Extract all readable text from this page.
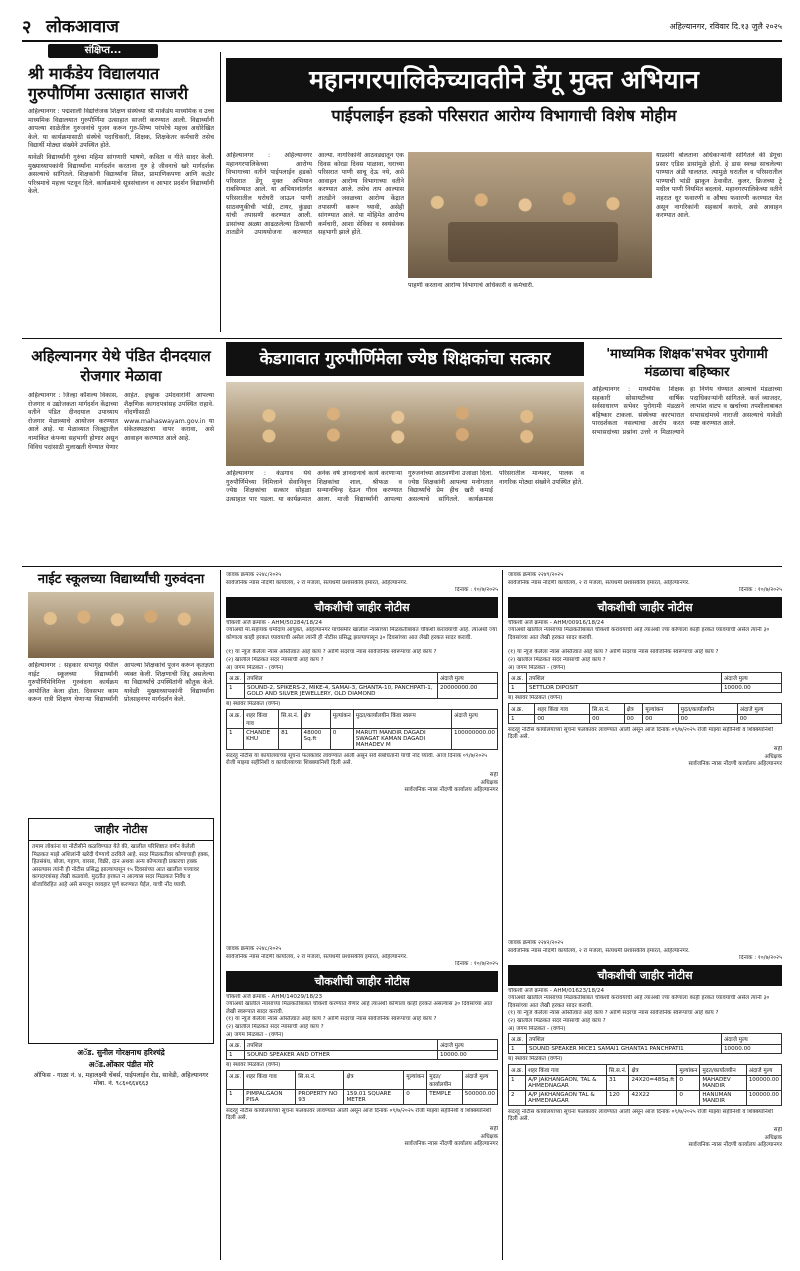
२ लोकआवाज	अहिल्यानगर, रविवार दि.१३ जुलै २०२५
संक्षिप्त...
श्री मार्कंडेय विद्यालयात गुरुपौर्णिमा उत्साहात साजरी

अहिल्यानगर : पद्मशाली विद्योत्तेजक शिक्षण संस्थेच्या श्री मार्कंडेय माध्यमिक व उच्च माध्यमिक विद्यालयात गुरुपौर्णिमा उत्साहात साजरी करण्यात आली. विद्यार्थ्यांनी आपल्या शाळेतील गुरुजनांचे पूजन करून गुरु-शिष्य परंपरेचे महत्त्व अधोरेखित केले. या कार्यक्रमासाठी संस्थेचे पदाधिकारी, शिक्षक, शिक्षकेतर कर्मचारी तसेच विद्यार्थी मोठ्या संख्येने उपस्थित होते.

यावेळी विद्यार्थ्यांनी गुरुंचा महिमा सांगणारी भाषणे, कविता व गीते सादर केली. मुख्याध्यापकांनी विद्यार्थ्यांना मार्गदर्शन करताना गुरु हे जीवनाचे खरे मार्गदर्शक असल्याचे सांगितले. शिक्षकांनी विद्यार्थ्यांना शिस्त, प्रामाणिकपणा आणि कठोर परिश्रमाचे महत्त्व पटवून दिले. कार्यक्रमाचे सूत्रसंचालन व आभार प्रदर्शन विद्यार्थ्यांनी केले.

महानगरपालिकेच्यावतीने डेंगू मुक्त अभियान
पाईपलाईन हडको परिसरात आरोग्य विभागाची विशेष मोहीम
अहिल्यानगर : अहिल्यानगर महानगरपालिकेच्या आरोग्य विभागाच्या वतीने पाईपलाईन हडको परिसरात डेंगू मुक्त अभियान राबविण्यात आले. या अभियानांतर्गत परिसरातील घरोघरी जाऊन पाणी साठवणुकीची भांडी, टायर, कुंड्या यांची तपासणी करण्यात आली. डासांच्या अळ्या आढळलेल्या ठिकाणी तातडीने उपाययोजना करण्यात आल्या. नागरिकांनी आठवड्यातून एक दिवस कोरडा दिवस पाळावा, घराच्या परिसरात पाणी साचू देऊ नये, असे आवाहन आरोग्य विभागाच्या वतीने करण्यात आले. तसेच ताप आल्यास तातडीने जवळच्या आरोग्य केंद्रात तपासणी करून घ्यावी, असेही सांगण्यात आले. या मोहिमेत आरोग्य कर्मचारी, आशा सेविका व स्वयंसेवक सहभागी झाले होते.
पाहणी करताना आरोग्य विभागाचे अधिकारी व कर्मचारी.
याप्रसंगी बोलताना अधिकाऱ्यांनी सांगितले की डेंगूचा प्रसार एडिस डासांमुळे होतो. हे डास स्वच्छ साचलेल्या पाण्यात अंडी घालतात. त्यामुळे घरातील व परिसरातील पाण्याची भांडी झाकून ठेवावीत. कुलर, फ्रिजच्या ट्रे मधील पाणी नियमित बदलावे. महानगरपालिकेच्या वतीने शहरात धूर फवारणी व औषध फवारणी करण्यात येत असून नागरिकांनी सहकार्य करावे, असे आवाहन करण्यात आले.
अहिल्यानगर येथे पंडित दीनदयाल रोजगार मेळावा
अहिल्यानगर : जिल्हा कौशल्य विकास, रोजगार व उद्योजकता मार्गदर्शन केंद्राच्या वतीने पंडित दीनदयाल उपाध्याय रोजगार मेळाव्याचे आयोजन करण्यात आले आहे. या मेळाव्यात जिल्ह्यातील नामांकित कंपन्या सहभागी होणार असून विविध पदांसाठी मुलाखती घेण्यात येणार आहेत. इच्छुक उमेदवारांनी आपल्या शैक्षणिक कागदपत्रांसह उपस्थित राहावे. नोंदणीसाठी www.mahaswayam.gov.in या संकेतस्थळाचा वापर करावा, असे आवाहन करण्यात आले आहे.
केडगावात गुरुपौर्णिमेला ज्येष्ठ शिक्षकांचा सत्कार
अहिल्यानगर : केडगाव येथे गुरुपौर्णिमेच्या निमित्ताने सेवानिवृत्त ज्येष्ठ शिक्षकांचा सत्कार सोहळा उत्साहात पार पडला. या कार्यक्रमात अनेक वर्षे ज्ञानदानाचे कार्य करणाऱ्या शिक्षकांचा शाल, श्रीफळ व सन्मानचिन्ह देऊन गौरव करण्यात आला. माजी विद्यार्थ्यांनी आपल्या गुरुजनांच्या आठवणींना उजाळा दिला. ज्येष्ठ शिक्षकांनी आपल्या मनोगतात विद्यार्थ्यांचे प्रेम हीच खरी कमाई असल्याचे सांगितले. कार्यक्रमास परिसरातील मान्यवर, पालक व नागरिक मोठ्या संख्येने उपस्थित होते.
'माध्यमिक शिक्षक'सभेवर पुरोगामी मंडळाचा बहिष्कार
अहिल्यानगर : माध्यमिक शिक्षक सहकारी सोसायटीच्या वार्षिक सर्वसाधारण सभेवर पुरोगामी मंडळाने बहिष्कार टाकला. संस्थेच्या कारभारात पारदर्शकता नसल्याचा आरोप करत सभासदांच्या प्रश्नांना उत्तरे न मिळाल्याने हा निर्णय घेण्यात आल्याचे मंडळाच्या पदाधिकाऱ्यांनी सांगितले. कर्ज व्याजदर, लाभांश वाटप व खर्चाच्या तपशीलाबाबत सभासदांमध्ये नाराजी असल्याचे यावेळी स्पष्ट करण्यात आले.
नाईट स्कूलच्या विद्यार्थ्यांची गुरुवंदना
अहिल्यानगर : सहकार सभागृह येथील नाईट स्कूलच्या विद्यार्थ्यांनी गुरुपौर्णिमेनिमित्त गुरुवंदना कार्यक्रम आयोजित केला होता. दिवसभर काम करून रात्री शिक्षण घेणाऱ्या विद्यार्थ्यांनी आपल्या शिक्षकांचे पूजन करून कृतज्ञता व्यक्त केली. शिक्षणाची जिद्द असलेल्या या विद्यार्थ्यांचे उपस्थितांनी कौतुक केले. यावेळी मुख्याध्यापकांनी विद्यार्थ्यांना प्रोत्साहनपर मार्गदर्शन केले.
जाहीर नोटीस
तमाम लोकांना या नोटीसीने कळविण्यात येते की, खालील परिशिष्टात वर्णन केलेली मिळकत माझे अशिलांनी खरेदी घेण्याचे ठरविले आहे. सदर मिळकतीवर कोणाचाही हक्क, हितसंबंध, बोजा, गहाण, वारसा, विक्री, दान अथवा अन्य कोणत्याही प्रकारचा हक्क असल्यास त्यांनी ही नोटीस प्रसिद्ध झाल्यापासून १५ दिवसांच्या आत खालील पत्त्यावर कागदपत्रांसह लेखी कळवावे. मुदतीत हरकत न आल्यास सदर मिळकत निर्वेध व बोजाविरहित आहे असे समजून व्यवहार पूर्ण करण्यात येईल, याची नोंद घ्यावी.
अॅड. सुनील गोरक्षनाथ हरिश्चंद्रे
अॅड.ओंकार पंडीत मोरे
ऑफिस - गाळा नं. ४, महालक्ष्मी चेंबर्स, पाईपलाईन रोड, सावेडी, अहिल्यानगर मोबा. नं. ९८६०६६४६६३
जावक क्रमांक २२४८/२०२५
सार्वजनिक न्यास नोंदणी कार्यालय, २ रा मजला, सत्यधर्मी प्रशासकीय इमारत, अहिल्यानगर.
दिनांक : १०/७/२०२५
चौकशीची जाहीर नोटीस
चौकशी अर्ज क्रमांक - AHM/50284/18/24
ज्याअर्थी मा.सहायक धर्मादाय आयुक्त, अहिल्यानगर यांचेसमोर खालील न्यासाच्या मिळकतीबाबत चौकशी करावयाची आहे. त्याअर्थी ज्या कोणाला काही हरकत घ्यावयाची असेल त्यांनी ही नोटीस प्रसिद्ध झाल्यापासून ३० दिवसांच्या आत लेखी हरकत सादर करावी.
(१) या न्यूज केलेला न्यास अस्तित्वात आहे काय ? आणि सदरचा न्यास सार्वजनिक स्वरूपाचा आहे काय ?
(२) खालील मिळकत सदर न्यासाची आहे काय ?
अ) जंगम मिळकत - (वर्णन)
अ.क्र.	तपशिल	अंदाजे मुल्य
1	SOUND-2, SPIKERS-2, MIKE-4, SAMAI-3, GHANTA-10, PANCHPATI-1, GOLD AND SILVER JEWELLERY, OLD DIAMOND	20000000.00
ब) स्थावर मिळकत (वर्णन)
अ.क्र.	शहर किंवा गाव	सि.स.नं.	क्षेत्र	मूल्यांकन	मुदत/कार्यालयीन किंवा स्वरूप	अंदाजे मुल्य
1	CHANDE KHU	81	48000 Sq.ft	0	MARUTI MANDIR DAGADI SWAGAT KAMAN DAGADI MAHADEV M	100000000.00
सदरहू नोटीस या कार्यालयाच्या सूचना फलकावर लावण्यात आली असून सर्व संबंधितांनी याची नोंद घ्यावी. आज दिनांक ०९/७/२०२५ रोजी माझ्या सहीनिशी व कार्यालयाच्या शिक्क्यानिशी दिली असे.
सही
अधिक्षक
सार्वजनिक न्यास नोंदणी कार्यालय अहिल्यानगर
जावक क्रमांक २२४८/२०२५
सार्वजनिक न्यास नोंदणी कार्यालय, २ रा मजला, सत्यधर्मी प्रशासकीय इमारत, अहिल्यानगर.
दिनांक : १०/७/२०२५
चौकशीची जाहीर नोटीस
चौकशी अर्ज क्रमांक - AHM/14029/18/23
ज्याअर्थी खालील न्यासाच्या मिळकतीबाबत चौकशी करण्यात येणार आहे त्याअर्थी कोणाला काही हरकत असल्यास ३० दिवसांच्या आत लेखी स्वरूपात सादर करावी.
(१) या न्यूज केलेला न्यास अस्तित्वात आहे काय ? आणि सदरचा न्यास सार्वजनिक स्वरूपाचा आहे काय ?
(२) खालील मिळकत सदर न्यासाची आहे काय ?
अ) जंगम मिळकत - (वर्णन)
अ.क्र.	तपशिल	अंदाजे मुल्य
1	SOUND SPEAKER AND OTHER	10000.00
ब) स्थावर मिळकत (वर्णन)
अ.क्र.	शहर किंवा गाव	सि.स.नं.	क्षेत्र	मूल्यांकन	मुदत/कार्यालयीन	अंदाजे मुल्य
1	PIMPALGAON PISA	PROPERTY NO 93	159.01 SQUARE METER	0	TEMPLE	500000.00
सदरहू नोटीस कार्यालयाच्या सूचना फलकावर लावण्यात आली असून आज दिनांक ०९/७/२०२५ रोजी माझ्या सहीनिशी व शिक्क्यानिशी दिली असे.
सही
अधिक्षक
सार्वजनिक न्यास नोंदणी कार्यालय अहिल्यानगर
जावक क्रमांक २२४९/२०२५
सार्वजनिक न्यास नोंदणी कार्यालय, २ रा मजला, सत्यधर्मी प्रशासकीय इमारत, अहिल्यानगर.
दिनांक : १०/७/२०२५
चौकशीची जाहीर नोटीस
चौकशी अर्ज क्रमांक - AHM/00916/18/24
ज्याअर्थी खालील न्यासाच्या मिळकतीबाबत चौकशी करावयाची आहे त्याअर्थी ज्या कोणाला काही हरकत घ्यावयाची असेल त्यांनी ३० दिवसांच्या आत लेखी हरकत सादर करावी.
(१) या न्यूज केलेला न्यास अस्तित्वात आहे काय ? आणि सदरचा न्यास सार्वजनिक स्वरूपाचा आहे काय ?
(२) खालील मिळकत सदर न्यासाची आहे काय ?
अ) जंगम मिळकत - (वर्णन)
अ.क्र.	तपशिल	अंदाजे मुल्य
1	SETTLOR DIPOSIT	10000.00
ब) स्थावर मिळकत (वर्णन)
अ.क्र.	शहर किंवा गाव	सि.स.नं.	क्षेत्र	मूल्यांकन	मुदत/कार्यालयीन	अंदाजे मुल्य
1	00	00	00	00	00	00
सदरहू नोटीस कार्यालयाच्या सूचना फलकावर लावण्यात आली असून आज दिनांक ०९/७/२०२५ रोजी माझ्या सहीनिशी व शिक्क्यानिशी दिली असे.
सही
अधिक्षक
सार्वजनिक न्यास नोंदणी कार्यालय अहिल्यानगर
जावक क्रमांक २२४२/२०२५
सार्वजनिक न्यास नोंदणी कार्यालय, २ रा मजला, सत्यधर्मी प्रशासकीय इमारत, अहिल्यानगर.
दिनांक : १०/७/२०२५
चौकशीची जाहीर नोटीस
चौकशी अर्ज क्रमांक - AHM/01623/18/24
ज्याअर्थी खालील न्यासाच्या मिळकतीबाबत चौकशी करावयाची आहे त्याअर्थी ज्या कोणाला काही हरकत घ्यावयाची असेल त्यांनी ३० दिवसांच्या आत लेखी हरकत सादर करावी.
(१) या न्यूज केलेला न्यास अस्तित्वात आहे काय ? आणि सदरचा न्यास सार्वजनिक स्वरूपाचा आहे काय ?
(२) खालील मिळकत सदर न्यासाची आहे काय ?
अ) जंगम मिळकत - (वर्णन)
अ.क्र.	तपशिल	अंदाजे मुल्य
1	SOUND SPEAKER MICE1 SAMAI1 GHANTA1 PANCHPATI1	10000.00
ब) स्थावर मिळकत (वर्णन)
अ.क्र.	शहर किंवा गाव	सि.स.नं.	क्षेत्र	मूल्यांकन	मुदत/कार्यालयीन	अंदाजे मुल्य
1	A/P JAKHANGAON, TAL & AHMEDNAGAR	31	24X20=48Sq.ft	0	MAHADEV MANDIR	100000.00
2	A/P JAKHANGAON TAL & AHMEDNAGAR	120	42X22	0	HANUMAN MANDIR	100000.00
सदरहू नोटीस कार्यालयाच्या सूचना फलकावर लावण्यात आली असून आज दिनांक ०९/७/२०२५ रोजी माझ्या सहीनिशी व शिक्क्यानिशी दिली असे.
सही
अधिक्षक
सार्वजनिक न्यास नोंदणी कार्यालय अहिल्यानगर
